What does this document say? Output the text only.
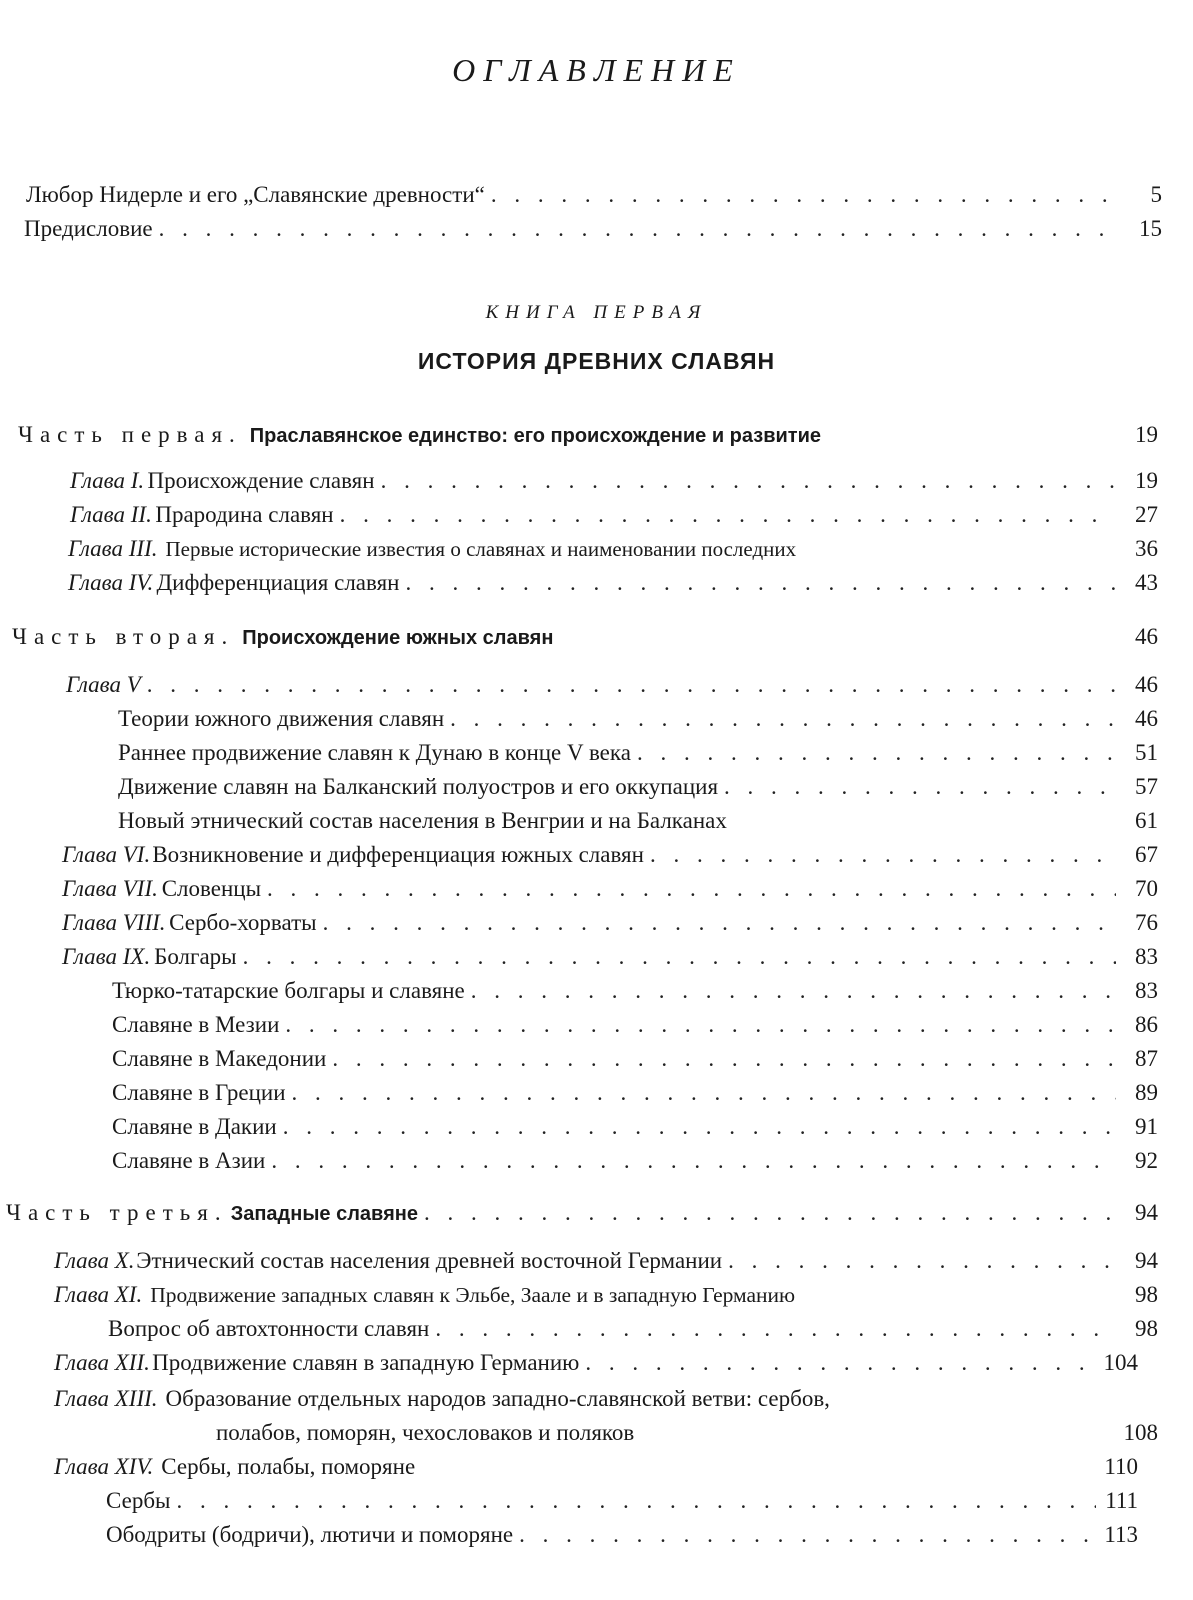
ОГЛАВЛЕНИЕ
Любор Нидерле и его „Славянские древности“ . . .	5
Предисловие . . .	15
КНИГА ПЕРВАЯ
ИСТОРИЯ ДРЕВНИХ СЛАВЯН
Часть первая. Праславянское единство: его происхождение и развитие	19
Глава I. Происхождение славян . . .	19
Глава II. Прародина славян . . .	27
Глава III. Первые исторические известия о славянах и наименовании последних	36
Глава IV. Дифференциация славян . . .	43
Часть вторая. Происхождение южных славян	46
Глава V . . .	46
Теории южного движения славян . . .	46
Раннее продвижение славян к Дунаю в конце V века . . .	51
Движение славян на Балканский полуостров и его оккупация . . .	57
Новый этнический состав населения в Венгрии и на Балканах	61
Глава VI. Возникновение и дифференциация южных славян . . .	67
Глава VII. Словенцы . . .	70
Глава VIII. Сербо-хорваты . . .	76
Глава IX. Болгары . . .	83
Тюрко-татарские болгары и славяне . . .	83
Славяне в Мезии . . .	86
Славяне в Македонии . . .	87
Славяне в Греции . . .	89
Славяне в Дакии . . .	91
Славяне в Азии . . .	92
Часть третья. Западные славяне . . .	94
Глава X. Этнический состав населения древней восточной Германии . . .	94
Глава XI. Продвижение западных славян к Эльбе, Заале и в западную Германию	98
Вопрос об автохтонности славян . . .	98
Глава XII. Продвижение славян в западную Германию . . .	104
Глава XIII. Образование отдельных народов западно-славянской ветви: сербов,
полабов, поморян, чехословаков и поляков	108
Глава XIV. Сербы, полабы, поморяне	110
Сербы . . .	111
Ободриты (бодричи), лютичи и поморяне . . .	113
